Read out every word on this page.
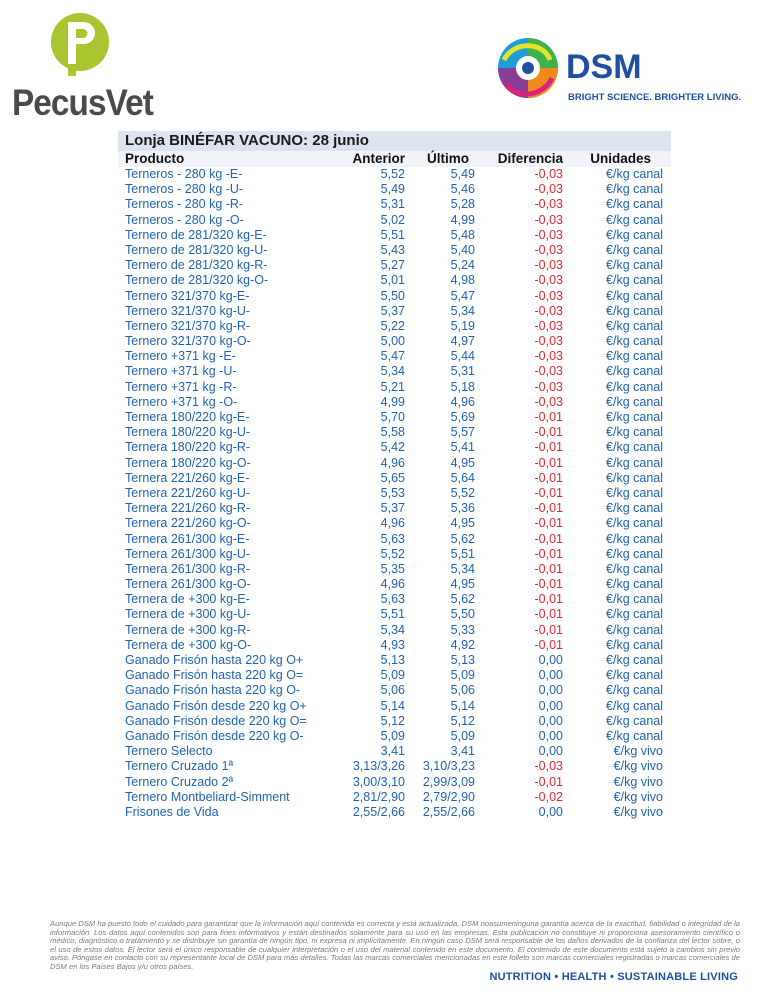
PecusVet
DSM
BRIGHT SCIENCE. BRIGHTER LIVING.
Lonja BINÉFAR VACUNO: 28 junio
Producto	Anterior	Último	Diferencia	Unidades
Terneros - 280 kg -E-	5,52	5,49	-0,03	€/kg canal
Terneros - 280 kg -U-	5,49	5,46	-0,03	€/kg canal
Terneros - 280 kg -R-	5,31	5,28	-0,03	€/kg canal
Terneros - 280 kg -O-	5,02	4,99	-0,03	€/kg canal
Ternero de 281/320 kg-E-	5,51	5,48	-0,03	€/kg canal
Ternero de 281/320 kg-U-	5,43	5,40	-0,03	€/kg canal
Ternero de 281/320 kg-R-	5,27	5,24	-0,03	€/kg canal
Ternero de 281/320 kg-O-	5,01	4,98	-0,03	€/kg canal
Ternero 321/370 kg-E-	5,50	5,47	-0,03	€/kg canal
Ternero 321/370 kg-U-	5,37	5,34	-0,03	€/kg canal
Ternero 321/370 kg-R-	5,22	5,19	-0,03	€/kg canal
Ternero 321/370 kg-O-	5,00	4,97	-0,03	€/kg canal
Ternero +371 kg -E-	5,47	5,44	-0,03	€/kg canal
Ternero +371 kg -U-	5,34	5,31	-0,03	€/kg canal
Ternero +371 kg -R-	5,21	5,18	-0,03	€/kg canal
Ternero +371 kg -O-	4,99	4,96	-0,03	€/kg canal
Ternera 180/220 kg-E-	5,70	5,69	-0,01	€/kg canal
Ternera 180/220 kg-U-	5,58	5,57	-0,01	€/kg canal
Ternera 180/220 kg-R-	5,42	5,41	-0,01	€/kg canal
Ternera 180/220 kg-O-	4,96	4,95	-0,01	€/kg canal
Ternera 221/260 kg-E-	5,65	5,64	-0,01	€/kg canal
Ternera 221/260 kg-U-	5,53	5,52	-0,01	€/kg canal
Ternera 221/260 kg-R-	5,37	5,36	-0,01	€/kg canal
Ternera 221/260 kg-O-	4,96	4,95	-0,01	€/kg canal
Ternera 261/300 kg-E-	5,63	5,62	-0,01	€/kg canal
Ternera 261/300 kg-U-	5,52	5,51	-0,01	€/kg canal
Ternera 261/300 kg-R-	5,35	5,34	-0,01	€/kg canal
Ternera 261/300 kg-O-	4,96	4,95	-0,01	€/kg canal
Ternera de +300 kg-E-	5,63	5,62	-0,01	€/kg canal
Ternera de +300 kg-U-	5,51	5,50	-0,01	€/kg canal
Ternera de +300 kg-R-	5,34	5,33	-0,01	€/kg canal
Ternera de +300 kg-O-	4,93	4,92	-0,01	€/kg canal
Ganado Frisón hasta 220 kg O+	5,13	5,13	0,00	€/kg canal
Ganado Frisón hasta 220 kg O=	5,09	5,09	0,00	€/kg canal
Ganado Frisón hasta 220 kg O-	5,06	5,06	0,00	€/kg canal
Ganado Frisón desde 220 kg O+	5,14	5,14	0,00	€/kg canal
Ganado Frisón desde 220 kg O=	5,12	5,12	0,00	€/kg canal
Ganado Frisón desde 220 kg O-	5,09	5,09	0,00	€/kg canal
Ternero Selecto	3,41	3,41	0,00	€/kg vivo
Ternero Cruzado 1ª	3,13/3,26	3,10/3,23	-0,03	€/kg vivo
Ternero Cruzado 2ª	3,00/3,10	2,99/3,09	-0,01	€/kg vivo
Ternero Montbeliard-Simment	2,81/2,90	2,79/2,90	-0,02	€/kg vivo
Frisones de Vida	2,55/2,66	2,55/2,66	0,00	€/kg vivo
Aunque DSM ha puesto todo el cuidado para garantizar que la información aquí contenida es correcta y está actualizada, DSM noasumeninguna garantía acerca de la exactitud, fiabilidad o integridad de la información. Los datos aquí contenidos son para fines informativos y están destinados solamente para su uso en las empresas. Esta publicación no constituye ni proporciona asesoramiento científico o médico, diagnóstico o tratamiento y se distribuye sin garantía de ningún tipo, ni expresa ni implícitamente. En ningún caso DSM será responsable de los daños derivados de la confianza del lector sobre, o el uso de estos datos. El lector será el único responsable de cualquier interpretación o el uso del material contenido en este documento. El contenido de este documento está sujeto a cambios sin previo aviso. Póngase en contacto con su representante local de DSM para más detalles. Todas las marcas comerciales mencionadas en este folleto son marcas comerciales registradas o marcas comerciales de DSM en los Países Bajos y/u otros países.
NUTRITION • HEALTH • SUSTAINABLE LIVING
